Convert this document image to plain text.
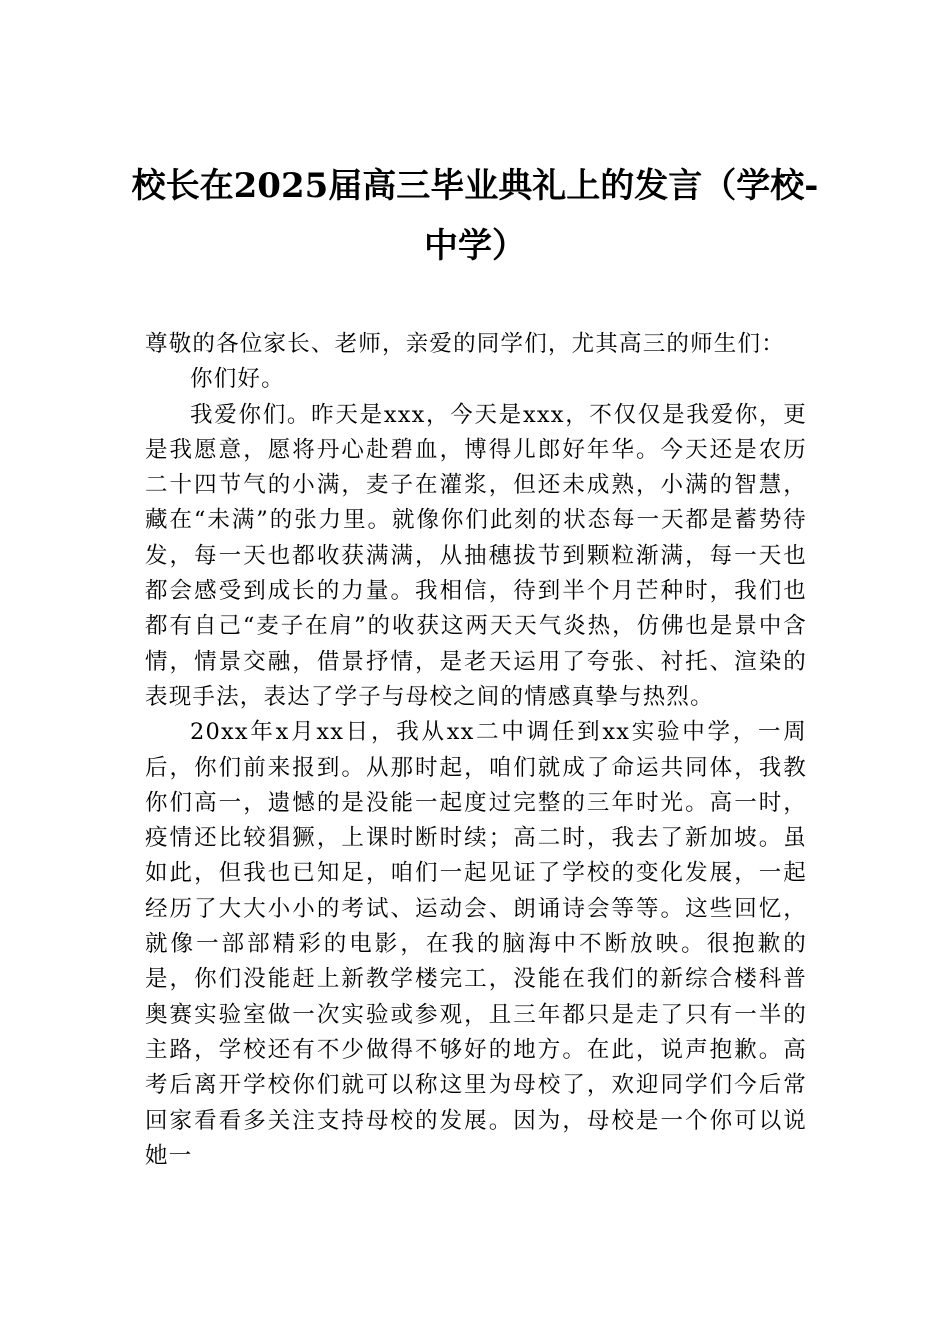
校长在2025届高三毕业典礼上的发言（学校-中学）

尊敬的各位家长、老师，亲爱的同学们，尤其高三的师生们：

你们好。

我爱你们。昨天是xxx，今天是xxx，不仅仅是我爱你，更是我愿意，愿将丹心赴碧血，博得儿郎好年华。今天还是农历二十四节气的小满，麦子在灌浆，但还未成熟，小满的智慧，藏在“未满”的张力里。就像你们此刻的状态每一天都是蓄势待发，每一天也都收获满满，从抽穗拔节到颗粒渐满，每一天也都会感受到成长的力量。我相信，待到半个月芒种时，我们也都有自己“麦子在肩”的收获这两天天气炎热，仿佛也是景中含情，情景交融，借景抒情，是老天运用了夸张、衬托、渲染的表现手法，表达了学子与母校之间的情感真挚与热烈。

20xx年x月xx日，我从xx二中调任到xx实验中学，一周后，你们前来报到。从那时起，咱们就成了命运共同体，我教你们高一，遗憾的是没能一起度过完整的三年时光。高一时，疫情还比较猖獗，上课时断时续；高二时，我去了新加坡。虽如此，但我也已知足，咱们一起见证了学校的变化发展，一起经历了大大小小的考试、运动会、朗诵诗会等等。这些回忆，就像一部部精彩的电影，在我的脑海中不断放映。很抱歉的是，你们没能赶上新教学楼完工，没能在我们的新综合楼科普奥赛实验室做一次实验或参观，且三年都只是走了只有一半的主路，学校还有不少做得不够好的地方。在此，说声抱歉。高考后离开学校你们就可以称这里为母校了，欢迎同学们今后常回家看看多关注支持母校的发展。因为，母校是一个你可以说她一
